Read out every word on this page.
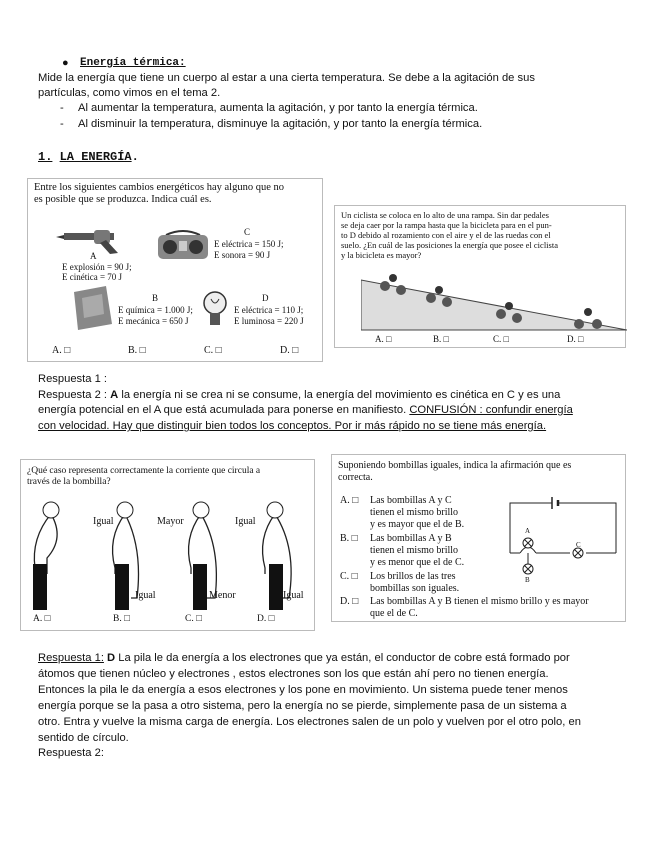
● Energía térmica:
Mide la energía que tiene un cuerpo al estar a una cierta temperatura. Se debe a la agitación de sus
partículas, como vimos en el tema 2.
- Al aumentar la temperatura, aumenta la agitación, y por tanto la energía térmica.
- Al disminuir la temperatura, disminuye la agitación, y por tanto la energía térmica.
1. LA ENERGÍA.
Entre los siguientes cambios energéticos hay alguno que no
es posible que se produzca. Indica cuál es.
A
E explosión = 90 J;
E cinética = 70 J
C
E eléctrica = 150 J;
E sonora = 90 J
B
E química = 1.000 J;
E mecánica = 650 J
D
E eléctrica = 110 J;
E luminosa = 220 J
A. □	B. □	C. □	D. □
Un ciclista se coloca en lo alto de una rampa. Sin dar pedales
se deja caer por la rampa hasta que la bicicleta para en el pun-
to D debido al rozamiento con el aire y el de las ruedas con el
suelo. ¿En cuál de las posiciones la energía que posee el ciclista
y la bicicleta es mayor?
A. □	B. □	C. □	D. □
Respuesta 1 :
Respuesta 2 : A la energía ni se crea ni se consume, la energía del movimiento es cinética en C y es una
energía potencial en el A que está acumulada para ponerse en manifiesto. CONFUSIÓN : confundir energía
con velocidad. Hay que distinguir bien todos los conceptos. Por ir más rápido no se tiene más energía.
¿Qué caso representa correctamente la corriente que circula a
través de la bombilla?
Igual	Mayor	Igual
Igual	Menor	Igual
A. □	B. □	C. □	D. □
Suponiendo bombillas iguales, indica la afirmación que es
correcta.
A. □ Las bombillas A y C
tienen el mismo brillo
y es mayor que el de B.
B. □ Las bombillas A y B
tienen el mismo brillo
y es menor que el de C.
C. □ Los brillos de las tres
bombillas son iguales.
D. □ Las bombillas A y B tienen el mismo brillo y es mayor
que el de C.
A
B
C
Respuesta 1: D La pila le da energía a los electrones que ya están, el conductor de cobre está formado por
átomos que tienen núcleo y electrones , estos electrones son los que están ahí pero no tienen energía.
Entonces la pila le da energía a esos electrones y los pone en movimiento. Un sistema puede tener menos
energía porque se la pasa a otro sistema, pero la energía no se pierde, simplemente pasa de un sistema a
otro. Entra y vuelve la misma carga de energía. Los electrones salen de un polo y vuelven por el otro polo, en
sentido de círculo.
Respuesta 2:
